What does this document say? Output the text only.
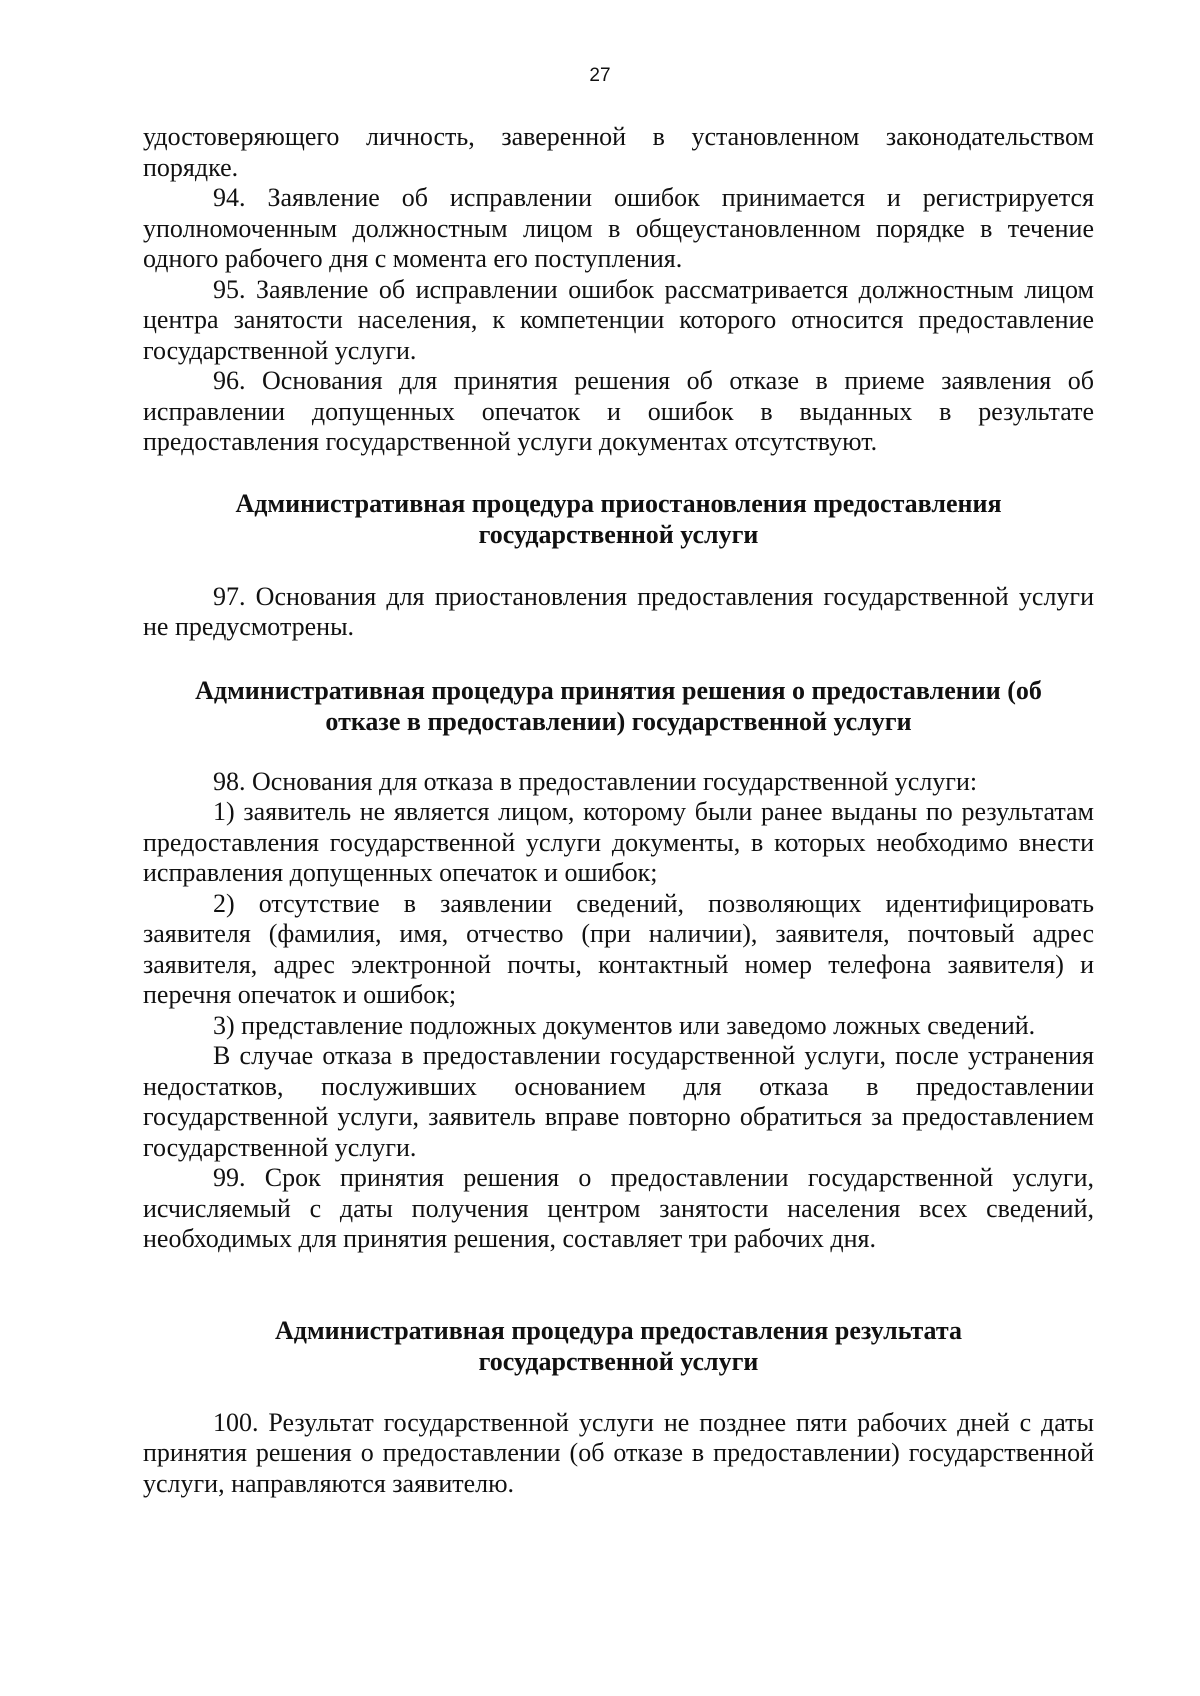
27

удостоверяющего личность, заверенной в установленном законодательством порядке.

94. Заявление об исправлении ошибок принимается и регистрируется уполномоченным должностным лицом в общеустановленном порядке в течение одного рабочего дня с момента его поступления.

95. Заявление об исправлении ошибок рассматривается должностным лицом центра занятости населения, к компетенции которого относится предоставление государственной услуги.

96. Основания для принятия решения об отказе в приеме заявления об исправлении допущенных опечаток и ошибок в выданных в результате предоставления государственной услуги документах отсутствуют.

Административная процедура приостановления предоставления
государственной услуги

97. Основания для приостановления предоставления государственной услуги не предусмотрены.

Административная процедура принятия решения о предоставлении (об
отказе в предоставлении) государственной услуги

98. Основания для отказа в предоставлении государственной услуги:

1) заявитель не является лицом, которому были ранее выданы по результатам предоставления государственной услуги документы, в которых необходимо внести исправления допущенных опечаток и ошибок;

2) отсутствие в заявлении сведений, позволяющих идентифицировать заявителя (фамилия, имя, отчество (при наличии), заявителя, почтовый адрес заявителя, адрес электронной почты, контактный номер телефона заявителя) и перечня опечаток и ошибок;

3) представление подложных документов или заведомо ложных сведений.

В случае отказа в предоставлении государственной услуги, после устранения недостатков, послуживших основанием для отказа в предоставлении государственной услуги, заявитель вправе повторно обратиться за предоставлением государственной услуги.

99. Срок принятия решения о предоставлении государственной услуги, исчисляемый с даты получения центром занятости населения всех сведений, необходимых для принятия решения, составляет три рабочих дня.

Административная процедура предоставления результата
государственной услуги

100. Результат государственной услуги не позднее пяти рабочих дней с даты принятия решения о предоставлении (об отказе в предоставлении) государственной услуги, направляются заявителю.
